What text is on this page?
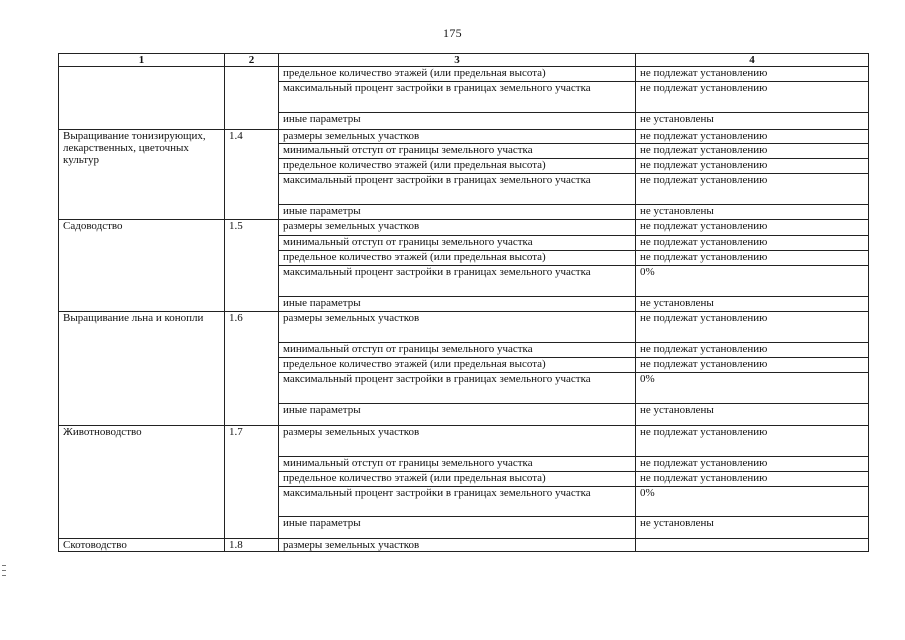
175
1	2	3	4
		предельное количество этажей (или предельная высота)	не подлежат установлению
		максимальный процент застройки в границах земельного участка	не подлежат установлению
		иные параметры	не установлены
Выращивание тонизирующих, лекарственных, цветочных культур	1.4	размеры земельных участков	не подлежат установлению
		минимальный отступ от границы земельного участка	не подлежат установлению
		предельное количество этажей (или предельная высота)	не подлежат установлению
		максимальный процент застройки в границах земельного участка	не подлежат установлению
		иные параметры	не установлены
Садоводство	1.5	размеры земельных участков	не подлежат установлению
		минимальный отступ от границы земельного участка	не подлежат установлению
		предельное количество этажей (или предельная высота)	не подлежат установлению
		максимальный процент застройки в границах земельного участка	0%
		иные параметры	не установлены
Выращивание льна и конопли	1.6	размеры земельных участков	не подлежат установлению
		минимальный отступ от границы земельного участка	не подлежат установлению
		предельное количество этажей (или предельная высота)	не подлежат установлению
		максимальный процент застройки в границах земельного участка	0%
		иные параметры	не установлены
Животноводство	1.7	размеры земельных участков	не подлежат установлению
		минимальный отступ от границы земельного участка	не подлежат установлению
		предельное количество этажей (или предельная высота)	не подлежат установлению
		максимальный процент застройки в границах земельного участка	0%
		иные параметры	не установлены
Скотоводство	1.8	размеры земельных участков	
